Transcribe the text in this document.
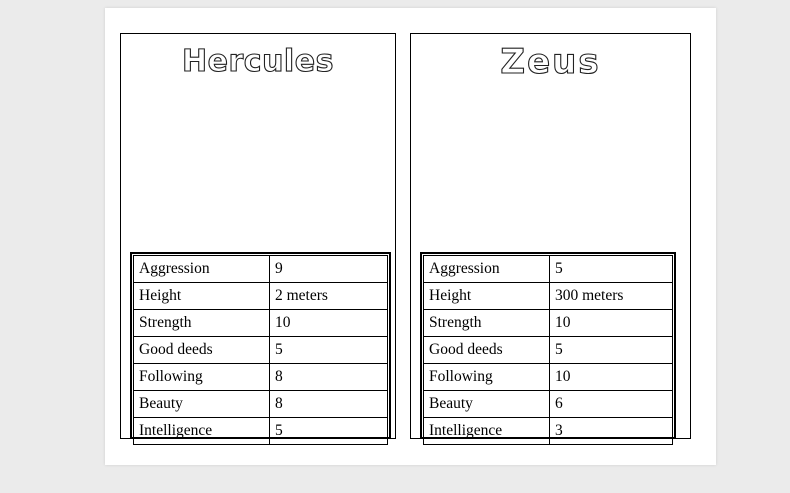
Hercules
Aggression	9
Height	2 meters
Strength	10
Good deeds	5
Following	8
Beauty	8
Intelligence	5
Zeus
Aggression	5
Height	300 meters
Strength	10
Good deeds	5
Following	10
Beauty	6
Intelligence	3
